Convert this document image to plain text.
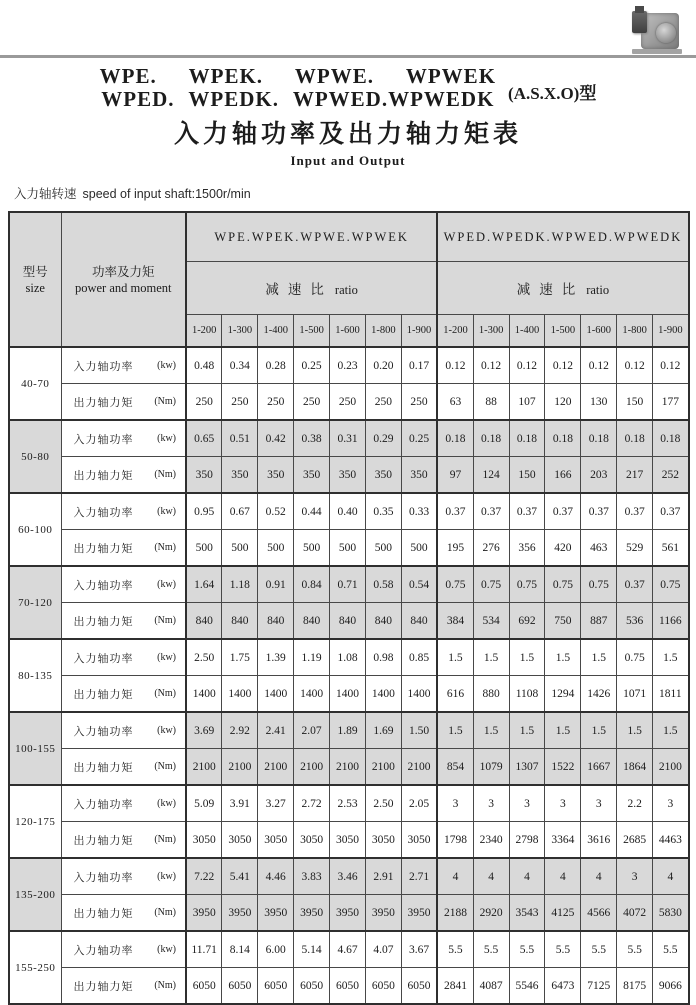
WPE. WPEK. WPWE. WPWEK
WPED. WPEDK. WPWED.WPWEDK (A.S.X.O)型
入力轴功率及出力轴力矩表
Input and Output
入力轴转速 speed of input shaft:1500r/min
型号
size

功率及力矩
power and moment
	WPE.WPEK.WPWE.WPWEK	WPED.WPEDK.WPWED.WPWEDK
		减速比 ratio							减速比 ratio						
		1-200	1-300	1-400	1-500	1-600	1-800	1-900	1-200	1-300	1-400	1-500	1-600	1-800	1-900
40-70	入力轴功率 (kw)	0.48	0.34	0.28	0.25	0.23	0.20	0.17	0.12	0.12	0.12	0.12	0.12	0.12	0.12

	出力轴力矩 (Nm)	250	250	250	250	250	250	250	63	88	107	120	130	150	177
50-80	入力轴功率 (kw)	0.65	0.51	0.42	0.38	0.31	0.29	0.25	0.18	0.18	0.18	0.18	0.18	0.18	0.18

	出力轴力矩 (Nm)	350	350	350	350	350	350	350	97	124	150	166	203	217	252
60-100	入力轴功率 (kw)	0.95	0.67	0.52	0.44	0.40	0.35	0.33	0.37	0.37	0.37	0.37	0.37	0.37	0.37

	出力轴力矩 (Nm)	500	500	500	500	500	500	500	195	276	356	420	463	529	561
70-120	入力轴功率 (kw)	1.64	1.18	0.91	0.84	0.71	0.58	0.54	0.75	0.75	0.75	0.75	0.75	0.37	0.75

	出力轴力矩 (Nm)	840	840	840	840	840	840	840	384	534	692	750	887	536	1166
80-135	入力轴功率 (kw)	2.50	1.75	1.39	1.19	1.08	0.98	0.85	1.5	1.5	1.5	1.5	1.5	0.75	1.5

	出力轴力矩 (Nm)	1400	1400	1400	1400	1400	1400	1400	616	880	1108	1294	1426	1071	1811
100-155	入力轴功率 (kw)	3.69	2.92	2.41	2.07	1.89	1.69	1.50	1.5	1.5	1.5	1.5	1.5	1.5	1.5

	出力轴力矩 (Nm)	2100	2100	2100	2100	2100	2100	2100	854	1079	1307	1522	1667	1864	2100
120-175	入力轴功率 (kw)	5.09	3.91	3.27	2.72	2.53	2.50	2.05	3	3	3	3	3	2.2	3

	出力轴力矩 (Nm)	3050	3050	3050	3050	3050	3050	3050	1798	2340	2798	3364	3616	2685	4463
135-200	入力轴功率 (kw)	7.22	5.41	4.46	3.83	3.46	2.91	2.71	4	4	4	4	4	3	4

	出力轴力矩 (Nm)	3950	3950	3950	3950	3950	3950	3950	2188	2920	3543	4125	4566	4072	5830
155-250	入力轴功率 (kw)	11.71	8.14	6.00	5.14	4.67	4.07	3.67	5.5	5.5	5.5	5.5	5.5	5.5	5.5

	出力轴力矩 (Nm)	6050	6050	6050	6050	6050	6050	6050	2841	4087	5546	6473	7125	8175	9066
